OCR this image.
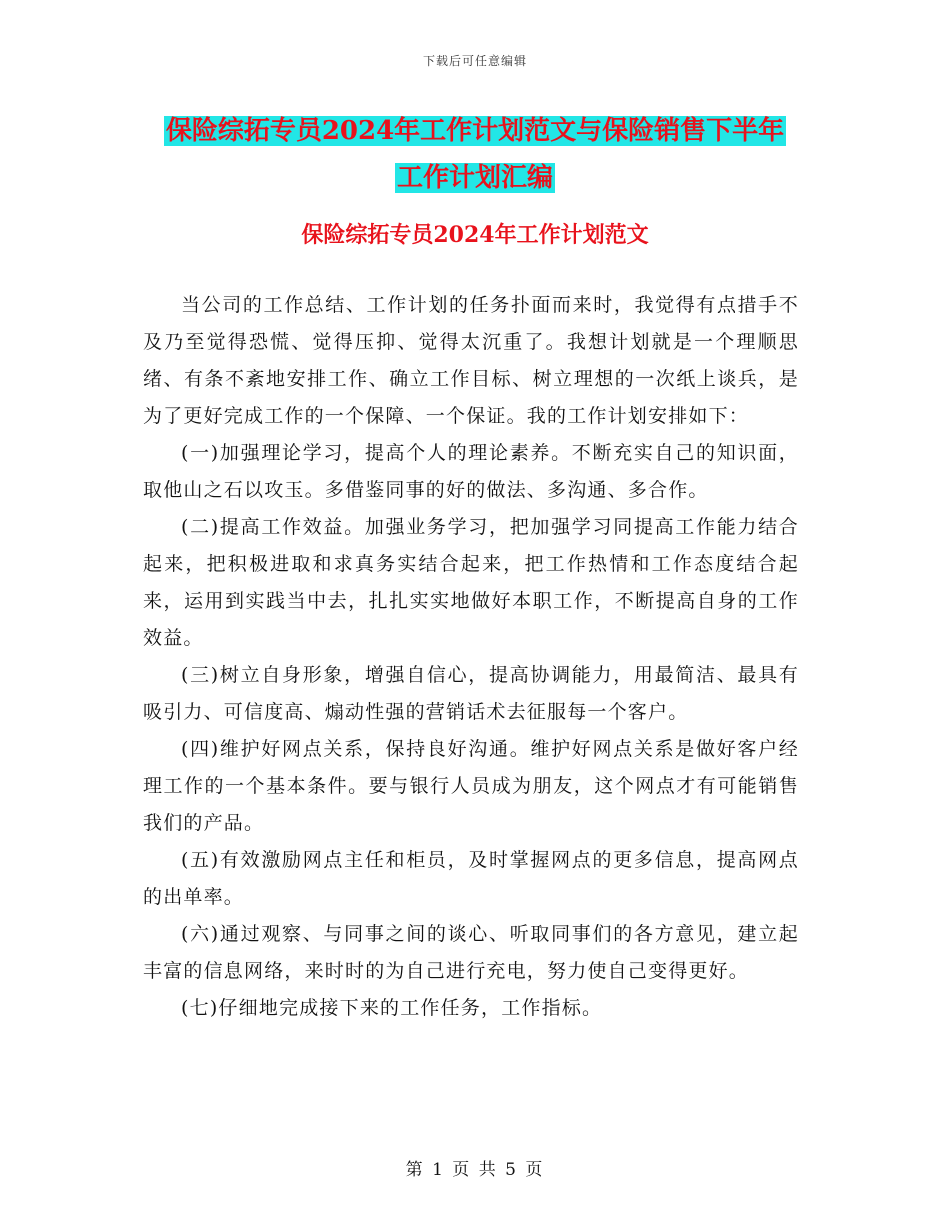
下载后可任意编辑
保险综拓专员2024年工作计划范文与保险销售下半年
工作计划汇编
保险综拓专员2024年工作计划范文

当公司的工作总结、工作计划的任务扑面而来时，我觉得有点措手不及乃至觉得恐慌、觉得压抑、觉得太沉重了。我想计划就是一个理顺思绪、有条不紊地安排工作、确立工作目标、树立理想的一次纸上谈兵，是为了更好完成工作的一个保障、一个保证。我的工作计划安排如下：

(一)加强理论学习，提高个人的理论素养。不断充实自己的知识面，取他山之石以攻玉。多借鉴同事的好的做法、多沟通、多合作。

(二)提高工作效益。加强业务学习，把加强学习同提高工作能力结合起来，把积极进取和求真务实结合起来，把工作热情和工作态度结合起来，运用到实践当中去，扎扎实实地做好本职工作，不断提高自身的工作效益。

(三)树立自身形象，增强自信心，提高协调能力，用最简洁、最具有吸引力、可信度高、煽动性强的营销话术去征服每一个客户。

(四)维护好网点关系，保持良好沟通。维护好网点关系是做好客户经理工作的一个基本条件。要与银行人员成为朋友，这个网点才有可能销售我们的产品。

(五)有效激励网点主任和柜员，及时掌握网点的更多信息，提高网点的出单率。

(六)通过观察、与同事之间的谈心、听取同事们的各方意见，建立起丰富的信息网络，来时时的为自己进行充电，努力使自己变得更好。

(七)仔细地完成接下来的工作任务，工作指标。

第 1 页 共 5 页
